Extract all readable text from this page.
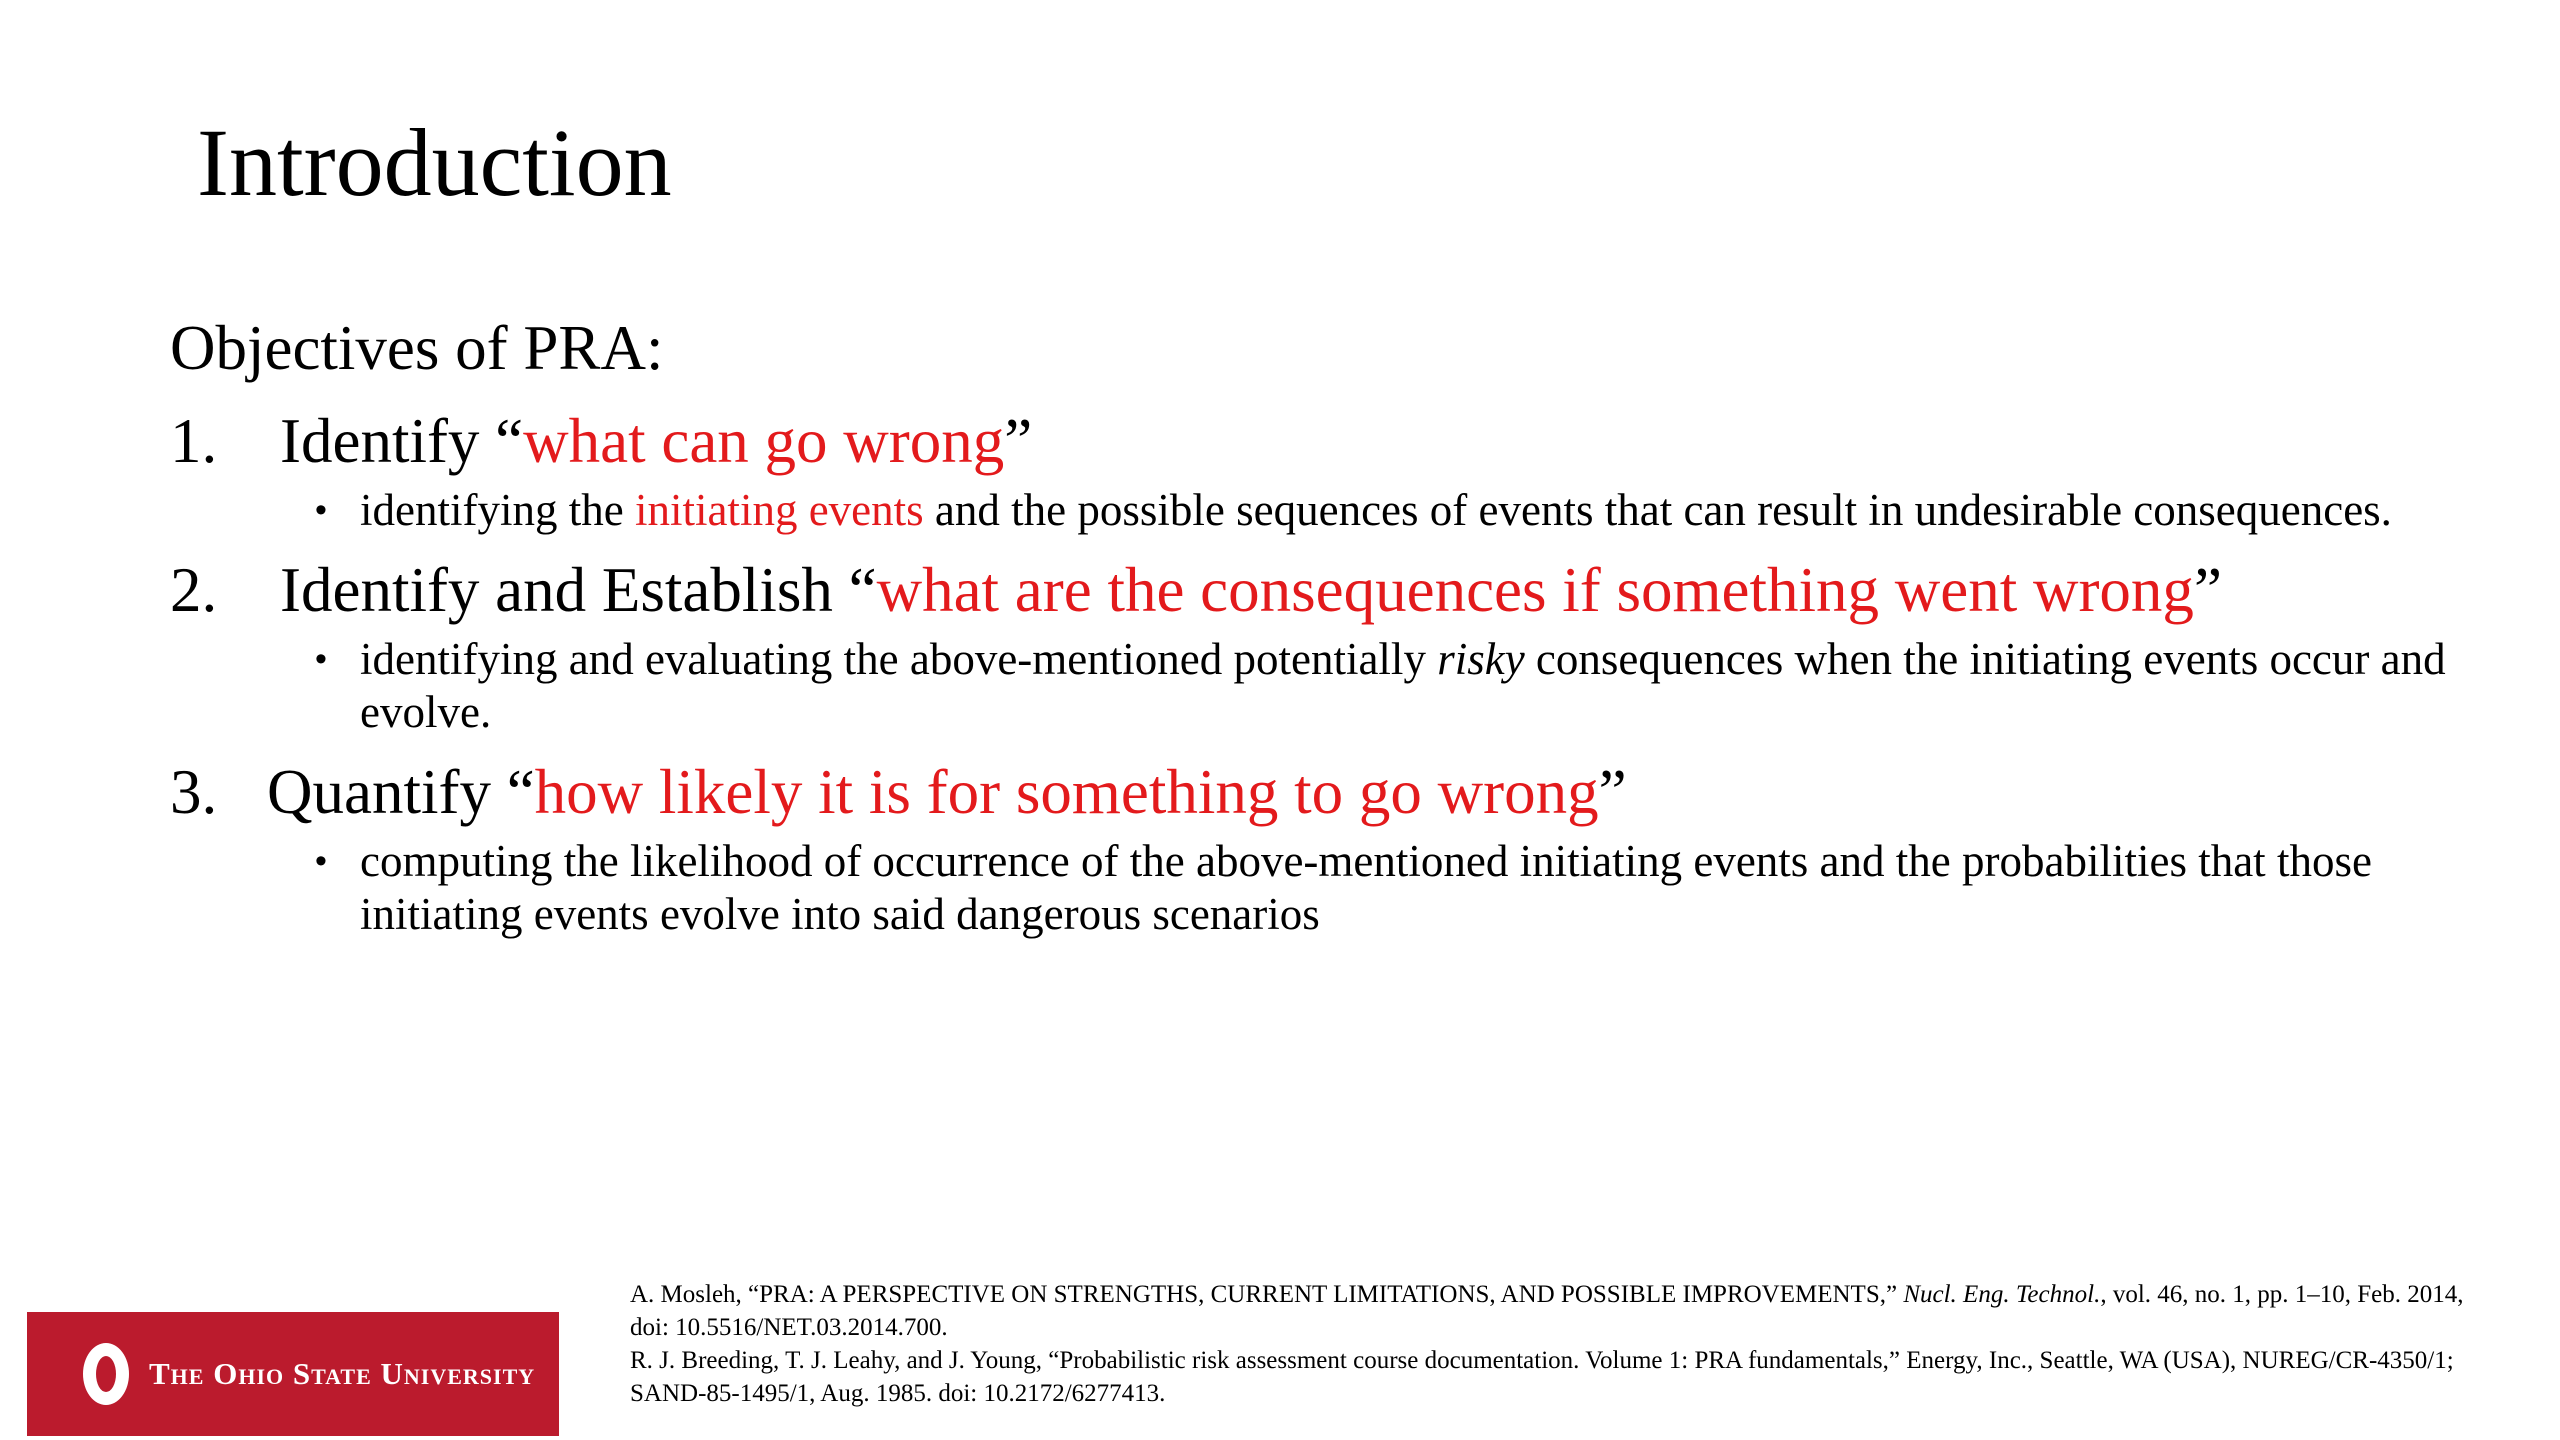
Introduction
Objectives of PRA:
1. Identify “what can go wrong”
• identifying the initiating events and the possible sequences of events that can result in undesirable consequences.
2. Identify and Establish “what are the consequences if something went wrong”
• identifying and evaluating the above-mentioned potentially risky consequences when the initiating events occur and evolve.
3. Quantify “how likely it is for something to go wrong”
• computing the likelihood of occurrence of the above-mentioned initiating events and the probabilities that those initiating events evolve into said dangerous scenarios
The Ohio State University

A. Mosleh, “PRA: A PERSPECTIVE ON STRENGTHS, CURRENT LIMITATIONS, AND POSSIBLE IMPROVEMENTS,” Nucl. Eng. Technol., vol. 46, no. 1, pp. 1–10, Feb. 2014, doi: 10.5516/NET.03.2014.700.

R. J. Breeding, T. J. Leahy, and J. Young, “Probabilistic risk assessment course documentation. Volume 1: PRA fundamentals,” Energy, Inc., Seattle, WA (USA), NUREG/CR-4350/1; SAND-85-1495/1, Aug. 1985. doi: 10.2172/6277413.
